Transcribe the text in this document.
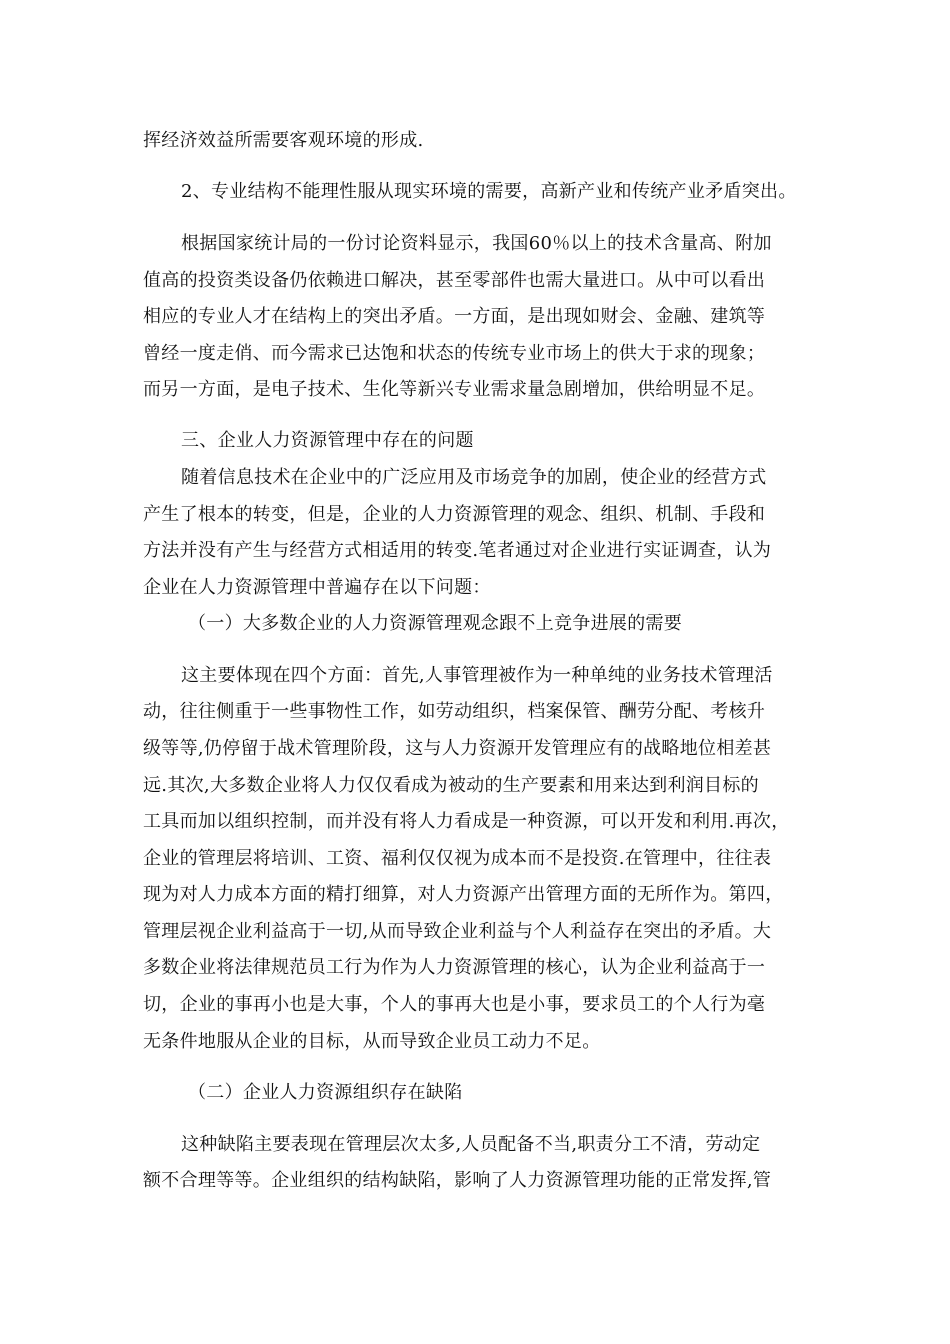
挥经济效益所需要客观环境的形成.
2、专业结构不能理性服从现实环境的需要，高新产业和传统产业矛盾突出。
根据国家统计局的一份讨论资料显示，我国60％以上的技术含量高、附加
值高的投资类设备仍依赖进口解决，甚至零部件也需大量进口。从中可以看出
相应的专业人才在结构上的突出矛盾。一方面，是出现如财会、金融、建筑等
曾经一度走俏、而今需求已达饱和状态的传统专业市场上的供大于求的现象；
而另一方面，是电子技术、生化等新兴专业需求量急剧增加，供给明显不足。
三、企业人力资源管理中存在的问题
随着信息技术在企业中的广泛应用及市场竞争的加剧，使企业的经营方式
产生了根本的转变，但是，企业的人力资源管理的观念、组织、机制、手段和
方法并没有产生与经营方式相适用的转变.笔者通过对企业进行实证调查，认为
企业在人力资源管理中普遍存在以下问题：
（一）大多数企业的人力资源管理观念跟不上竞争进展的需要
这主要体现在四个方面：首先,人事管理被作为一种单纯的业务技术管理活
动，往往侧重于一些事物性工作，如劳动组织，档案保管、酬劳分配、考核升
级等等,仍停留于战术管理阶段，这与人力资源开发管理应有的战略地位相差甚
远.其次,大多数企业将人力仅仅看成为被动的生产要素和用来达到利润目标的
工具而加以组织控制，而并没有将人力看成是一种资源，可以开发和利用.再次，
企业的管理层将培训、工资、福利仅仅视为成本而不是投资.在管理中，往往表
现为对人力成本方面的精打细算，对人力资源产出管理方面的无所作为。第四，
管理层视企业利益高于一切,从而导致企业利益与个人利益存在突出的矛盾。大
多数企业将法律规范员工行为作为人力资源管理的核心，认为企业利益高于一
切，企业的事再小也是大事，个人的事再大也是小事，要求员工的个人行为毫
无条件地服从企业的目标，从而导致企业员工动力不足。
（二）企业人力资源组织存在缺陷
这种缺陷主要表现在管理层次太多,人员配备不当,职责分工不清，劳动定
额不合理等等。企业组织的结构缺陷，影响了人力资源管理功能的正常发挥,管
